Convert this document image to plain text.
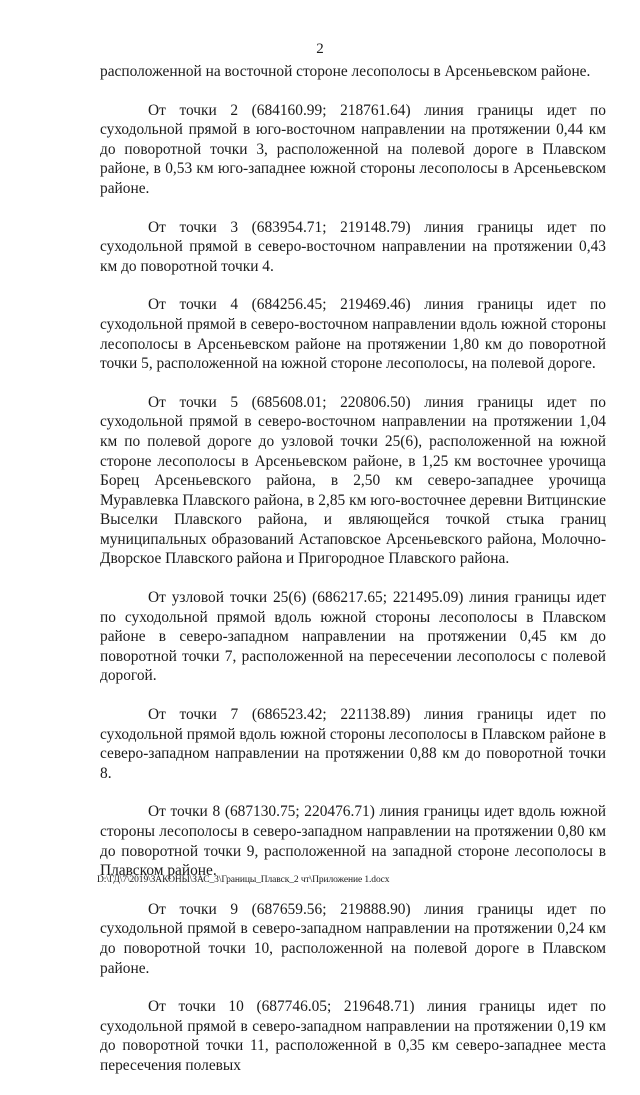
2

расположенной на восточной стороне лесополосы в Арсеньевском районе.

От точки 2 (684160.99; 218761.64) линия границы идет по суходольной прямой в юго-восточном направлении на протяжении 0,44 км до поворотной точки 3, расположенной на полевой дороге в Плавском районе, в 0,53 км юго-западнее южной стороны лесополосы в Арсеньевском районе.

От точки 3 (683954.71; 219148.79) линия границы идет по суходольной прямой в северо-восточном направлении на протяжении 0,43 км до поворотной точки 4.

От точки 4 (684256.45; 219469.46) линия границы идет по суходольной прямой в северо-восточном направлении вдоль южной стороны лесополосы в Арсеньевском районе на протяжении 1,80 км до поворотной точки 5, расположенной на южной стороне лесополосы, на полевой дороге.

От точки 5 (685608.01; 220806.50) линия границы идет по суходольной прямой в северо-восточном направлении на протяжении 1,04 км по полевой дороге до узловой точки 25(6), расположенной на южной стороне лесополосы в Арсеньевском районе, в 1,25 км восточнее урочища Борец Арсеньевского района, в 2,50 км северо-западнее урочища Муравлевка Плавского района, в 2,85 км юго-восточнее деревни Витцинские Выселки Плавского района, и являющейся точкой стыка границ муниципальных образований Астаповское Арсеньевского района, Молочно-Дворское Плавского района и Пригородное Плавского района.

От узловой точки 25(6) (686217.65; 221495.09) линия границы идет по суходольной прямой вдоль южной стороны лесополосы в Плавском районе в северо-западном направлении на протяжении 0,45 км до поворотной точки 7, расположенной на пересечении лесополосы с полевой дорогой.

От точки 7 (686523.42; 221138.89) линия границы идет по суходольной прямой вдоль южной стороны лесополосы в Плавском районе в северо-западном направлении на протяжении 0,88 км до поворотной точки 8.

От точки 8 (687130.75; 220476.71) линия границы идет вдоль южной стороны лесополосы в северо-западном направлении на протяжении 0,80 км до поворотной точки 9, расположенной на западной стороне лесополосы в Плавском районе.

От точки 9 (687659.56; 219888.90) линия границы идет по суходольной прямой в северо-западном направлении на протяжении 0,24 км до поворотной точки 10, расположенной на полевой дороге в Плавском районе.

От точки 10 (687746.05; 219648.71) линия границы идет по суходольной прямой в северо-западном направлении на протяжении 0,19 км до поворотной точки 11, расположенной в 0,35 км северо-западнее места пересечения полевых

D:\ГД\7\2019\ЗАКОНЫ\ЗАС_3\Границы_Плавск_2 чт\Приложение 1.docx
